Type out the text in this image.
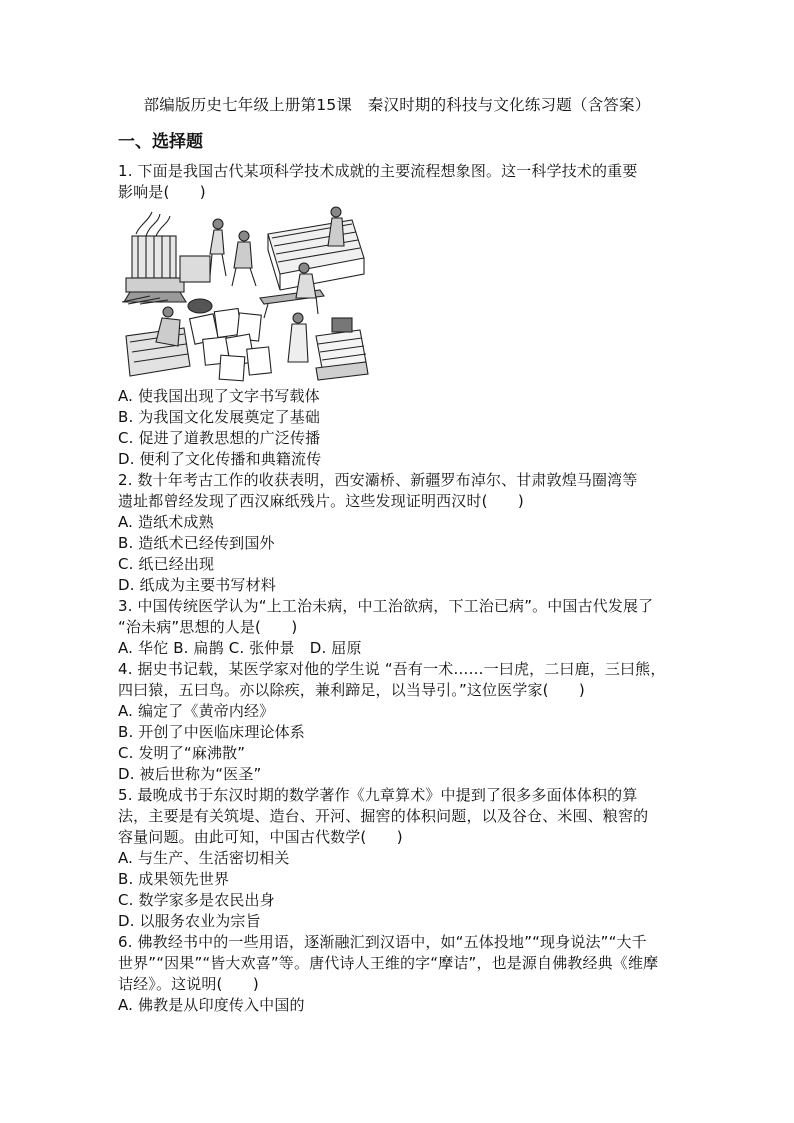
部编版历史七年级上册第15课　秦汉时期的科技与文化练习题（含答案）
一、选择题
1. 下面是我国古代某项科学技术成就的主要流程想象图。这一科学技术的重要
影响是(　　)
A. 使我国出现了文字书写载体
B. 为我国文化发展奠定了基础
C. 促进了道教思想的广泛传播
D. 便利了文化传播和典籍流传
2. 数十年考古工作的收获表明，西安灞桥、新疆罗布淖尔、甘肃敦煌马圈湾等
遗址都曾经发现了西汉麻纸残片。这些发现证明西汉时(　　)
A. 造纸术成熟
B. 造纸术已经传到国外
C. 纸已经出现
D. 纸成为主要书写材料
3. 中国传统医学认为“上工治未病，中工治欲病，下工治已病”。中国古代发展了
“治未病”思想的人是(　　)
A. 华佗 B. 扁鹊 C. 张仲景　D. 屈原
4. 据史书记载，某医学家对他的学生说 “吾有一术……一曰虎，二曰鹿，三曰熊，
四曰猿，五曰鸟。亦以除疾，兼利蹄足，以当导引。”这位医学家(　　)
A. 编定了《黄帝内经》
B. 开创了中医临床理论体系
C. 发明了“麻沸散”
D. 被后世称为“医圣”
5. 最晚成书于东汉时期的数学著作《九章算术》中提到了很多多面体体积的算
法，主要是有关筑堤、造台、开河、掘窖的体积问题，以及谷仓、米囤、粮窖的
容量问题。由此可知，中国古代数学(　　)
A. 与生产、生活密切相关
B. 成果领先世界
C. 数学家多是农民出身
D. 以服务农业为宗旨
6. 佛教经书中的一些用语，逐渐融汇到汉语中，如“五体投地”“现身说法”“大千
世界”“因果”“皆大欢喜”等。唐代诗人王维的字“摩诘”，也是源自佛教经典《维摩
诘经》。这说明(　　)
A. 佛教是从印度传入中国的
